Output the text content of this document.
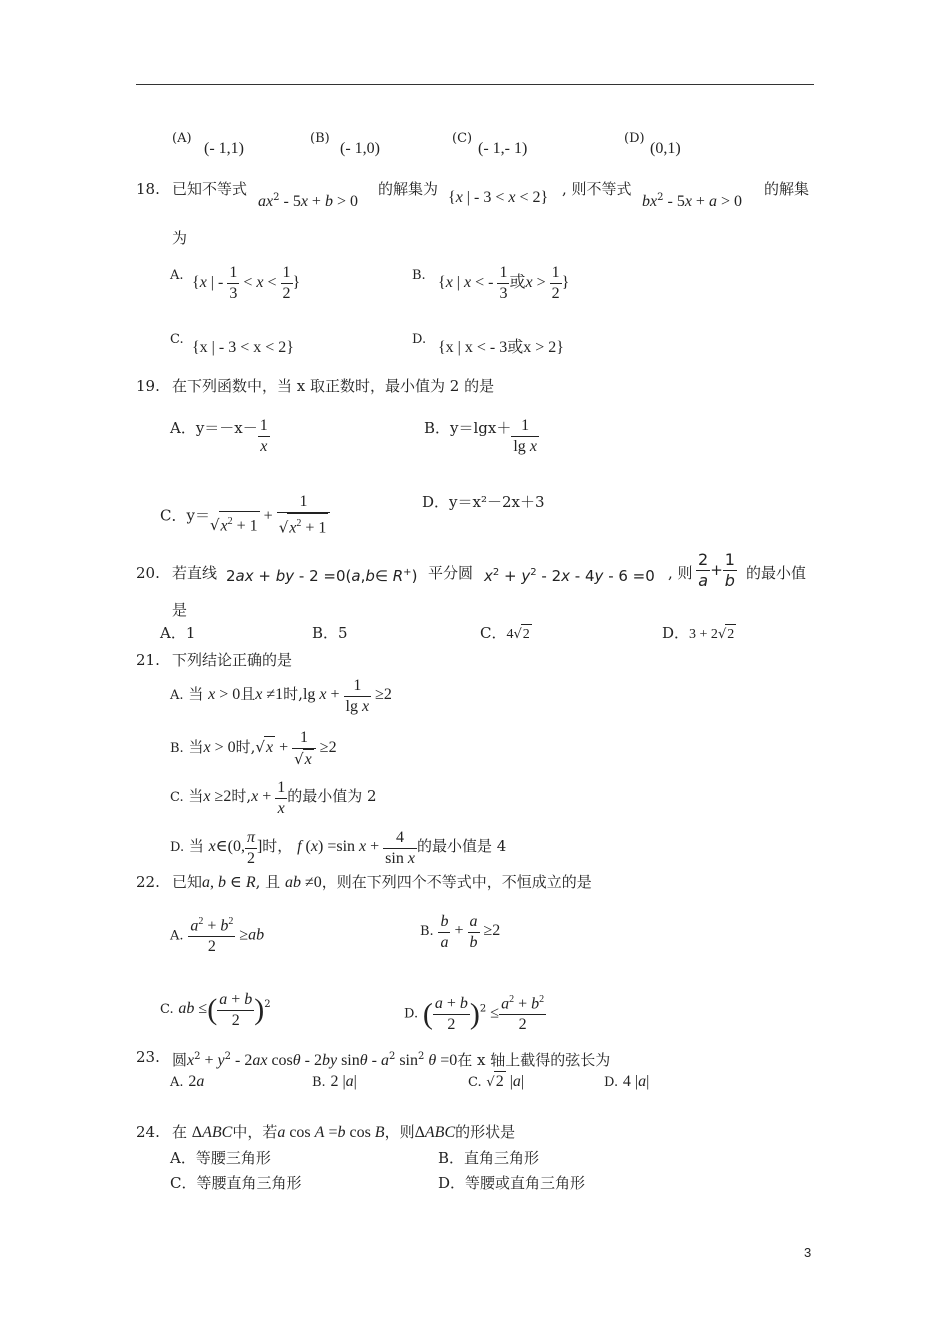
(A)
(- 1,1)
(B)
(- 1,0)
(C)
(- 1,- 1)
(D)
(0,1)
18. 已知不等式
$ax^2 - 5x + b > 0$
的解集为 {x | - 3 < x < 2} , 则不等式
$bx^2 - 5x + a > 0$
的解集
为
A. {x | - $\frac{1}{3} < x < \frac{1}{2}$ }	B. {x | x < - $\frac{1}{3}$ 或$x > \frac{1}{2}$ }
C. {x | - 3 < x < 2}	D. {x | x < - 3或x > 2}
19. 在下列函数中，当 x 取正数时，最小值为 2 的是
A．$y=-x- \frac{1}{x}$	B．$y=\lg x+ \frac{1}{\text{lg x}}$
C．$y=√x^2 + 1 + \frac{1}{√x^2 + 1}$	D．y＝x²－2x＋3
20. 若直线 2ax + by - 2 =0(a,b∈ R+) 平分圆 $x^2 + y^2 - 2x - 4y - 6 =0$ , 则 $\frac{2}{a} + \frac{1}{b}$ 的最小值
是
A．1	B．5	C．4√2	D．3 + 2√2
21. 下列结论正确的是
A. 当 x > 0且x ≠1时,lg $x + \frac{1}{\text{lg x}} \ge 2$
B. 当x > 0时$,√x + \frac{1}{√x} \ge 2$
C. 当x ≥2时$,x + \frac{1}{x}$ 的最小值为 2
D. 当 x∈(0, $\frac{\pi}{2}$ ]时， f (x) =sin $x + \frac{4}{\text{sin x}}$ 的最小值是 4
22. 已知a, b ∈ R, 且 ab ≠0，则在下列四个不等式中，不恒成立的是
A. $\frac{a^2 + b^2}{2} \ge ab$	B. $\frac{b}{a} + \frac{a}{b} \ge 2$
C. ab ≤( $\frac{a + b}{2} )^2$
D. ( $\frac{a + b}{2} )^2 \le \frac{a^2 + b^2}{2}$
23. 圆$x^2 + y^2 - 2ax$ cosθ - 2by sinθ - $a^2$ $\sin^2 \theta =0$在 x 轴上截得的弦长为
A. 2a	B. 2 |a|	C. √2 |a|	D. 4 |a|
24. 在 ΔABC中，若a cos A =b cos B，则ΔABC的形状是
A．等腰三角形	B．直角三角形
C．等腰直角三角形	D．等腰或直角三角形
3
